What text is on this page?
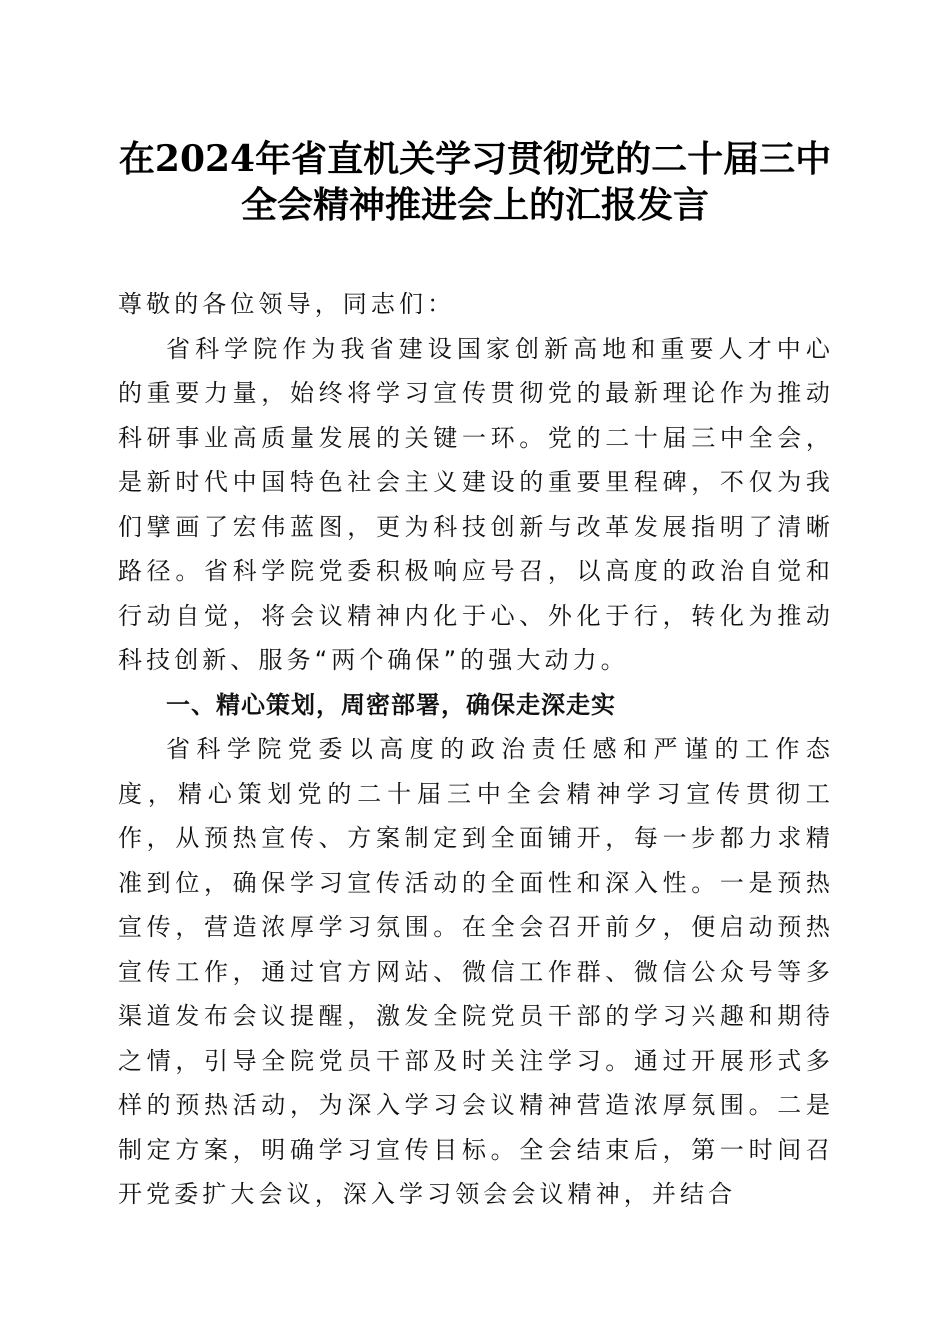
在2024年省直机关学习贯彻党的二十届三中
全会精神推进会上的汇报发言

尊敬的各位领导，同志们：

省科学院作为我省建设国家创新高地和重要人才中心的重要力量，始终将学习宣传贯彻党的最新理论作为推动科研事业高质量发展的关键一环。党的二十届三中全会，是新时代中国特色社会主义建设的重要里程碑，不仅为我们擘画了宏伟蓝图，更为科技创新与改革发展指明了清晰路径。省科学院党委积极响应号召，以高度的政治自觉和行动自觉，将会议精神内化于心、外化于行，转化为推动科技创新、服务“两个确保”的强大动力。

一、精心策划，周密部署，确保走深走实

省科学院党委以高度的政治责任感和严谨的工作态度，精心策划党的二十届三中全会精神学习宣传贯彻工作，从预热宣传、方案制定到全面铺开，每一步都力求精准到位，确保学习宣传活动的全面性和深入性。一是预热宣传，营造浓厚学习氛围。在全会召开前夕，便启动预热宣传工作，通过官方网站、微信工作群、微信公众号等多渠道发布会议提醒，激发全院党员干部的学习兴趣和期待之情，引导全院党员干部及时关注学习。通过开展形式多样的预热活动，为深入学习会议精神营造浓厚氛围。二是制定方案，明确学习宣传目标。全会结束后，第一时间召开党委扩大会议，深入学习领会会议精神，并结合
